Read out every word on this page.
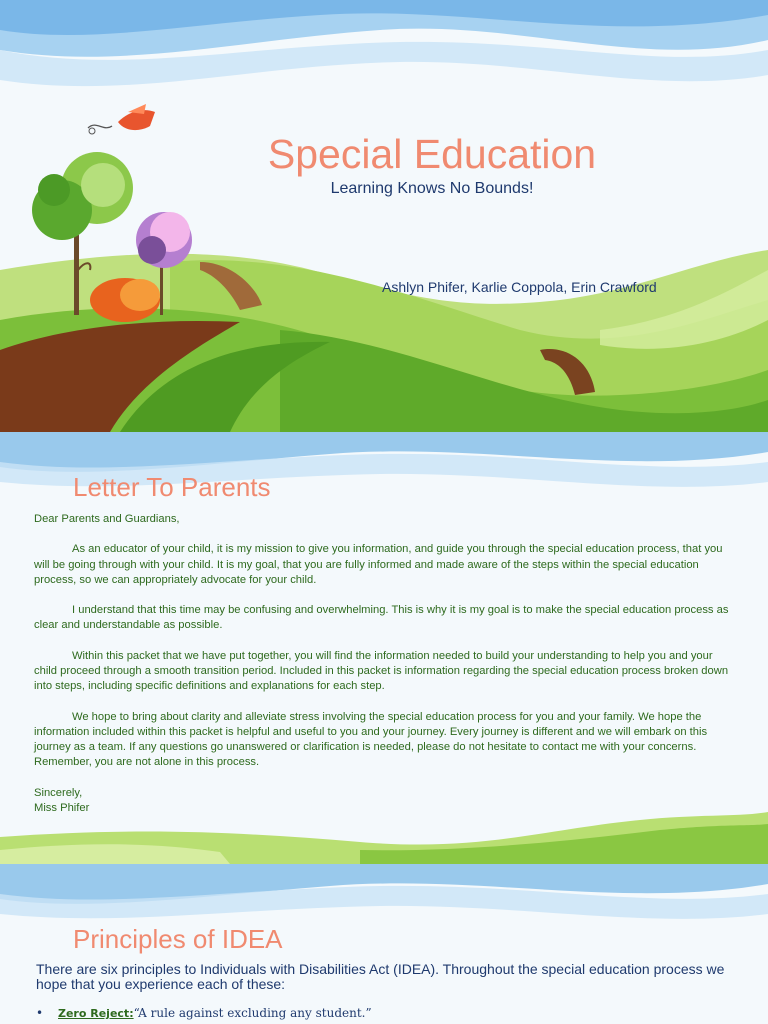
Special Education

Learning Knows No Bounds!

Ashlyn Phifer, Karlie Coppola, Erin Crawford

Letter To Parents

Dear Parents and Guardians,

As an educator of your child, it is my mission to give you information, and guide you through the special education process, that you will be going through with your child. It is my goal, that you are fully informed and made aware of the steps within the special education process, so we can appropriately advocate for your child.

I understand that this time may be confusing and overwhelming. This is why it is my goal is to make the special education process as clear and understandable as possible.

Within this packet that we have put together, you will find the information needed to build your understanding to help you and your child proceed through a smooth transition period. Included in this packet is information regarding the special education process broken down into steps, including specific definitions and explanations for each step.

We hope to bring about clarity and alleviate stress involving the special education process for you and your family. We hope the information included within this packet is helpful and useful to you and your journey. Every journey is different and we will embark on this journey as a team. If any questions go unanswered or clarification is needed, please do not hesitate to contact me with your concerns. Remember, you are not alone in this process.

Sincerely,

Miss Phifer

Principles of IDEA

There are six principles to Individuals with Disabilities Act (IDEA). Throughout the special education process we hope that you experience each of these:

• Zero Reject:“A rule against excluding any student.”
